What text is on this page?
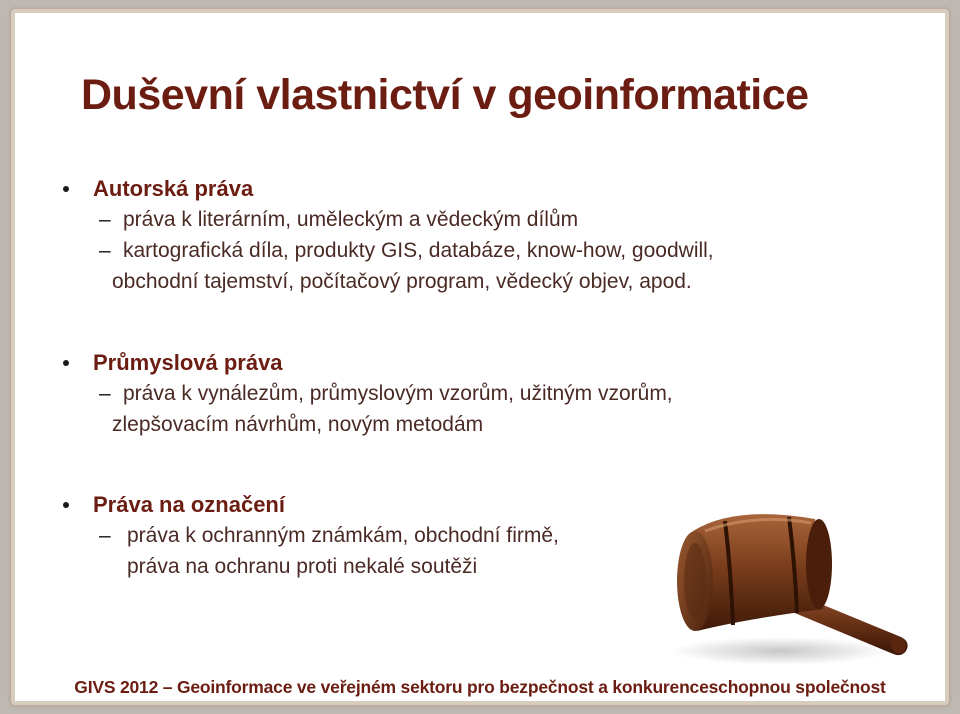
Duševní vlastnictví v geoinformatice
Autorská práva
– práva k literárním, uměleckým a vědeckým dílům
– kartografická díla, produkty GIS, databáze, know-how, goodwill,
obchodní tajemství, počítačový program, vědecký objev, apod.
Průmyslová práva
– práva k vynálezům, průmyslovým vzorům, užitným vzorům,
zlepšovacím návrhům, novým metodám
Práva na označení
– práva k ochranným známkám, obchodní firmě,
práva na ochranu proti nekalé soutěži
GIVS 2012 – Geoinformace ve veřejném sektoru pro bezpečnost a konkurenceschopnou společnost
